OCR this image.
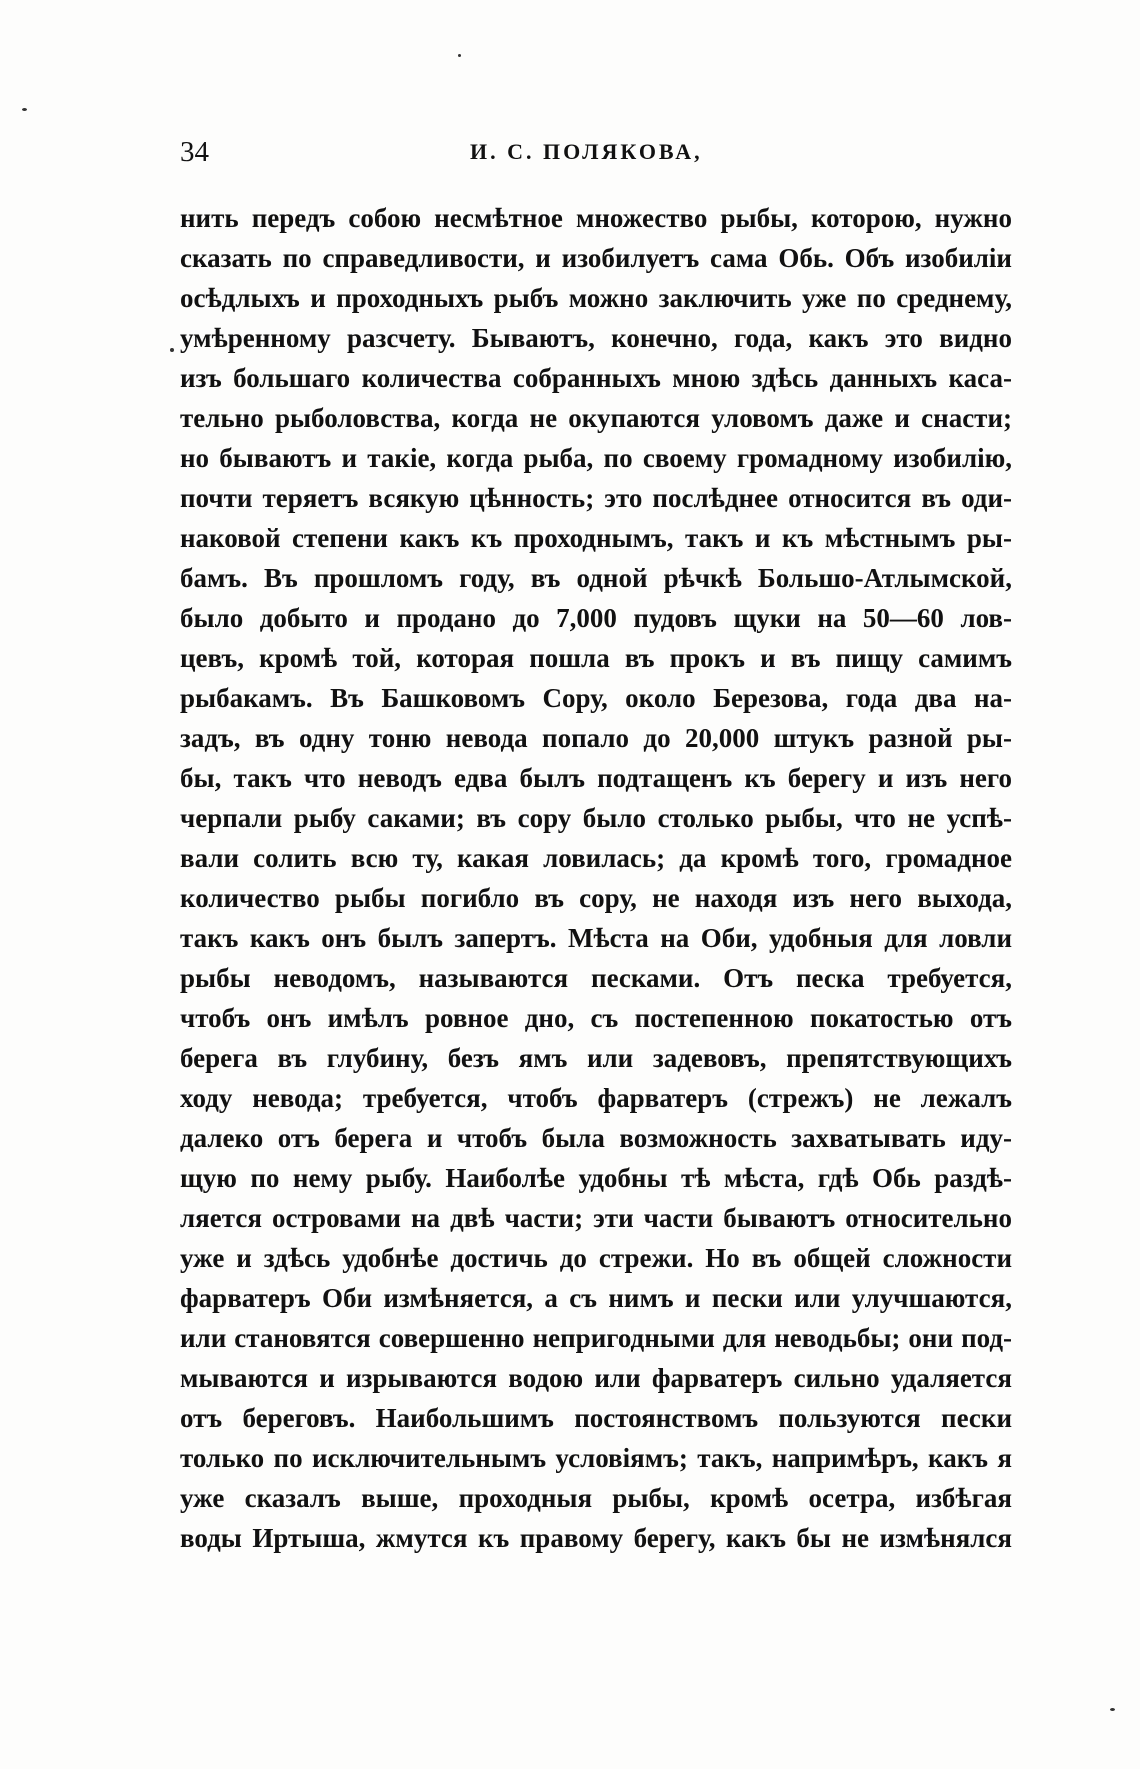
34	И. С. ПОЛЯКОВА,
нить передъ собою несмѣтное множество рыбы, которою, нужно
сказать по справедливости, и изобилуетъ сама Обь. Объ изобиліи
осѣдлыхъ и проходныхъ рыбъ можно заключить уже по среднему,
умѣренному разсчету. Бываютъ, конечно, года, какъ это видно
изъ большаго количества собранныхъ мною здѣсь данныхъ каса-
тельно рыболовства, когда не окупаются уловомъ даже и снасти;
но бываютъ и такіе, когда рыба, по своему громадному изобилію,
почти теряетъ всякую цѣнность; это послѣднее относится въ оди-
наковой степени какъ къ проходнымъ, такъ и къ мѣстнымъ ры-
бамъ. Въ прошломъ году, въ одной рѣчкѣ Большо-Атлымской,
было добыто и продано до 7,000 пудовъ щуки на 50—60 лов-
цевъ, кромѣ той, которая пошла въ прокъ и въ пищу самимъ
рыбакамъ. Въ Башковомъ Сору, около Березова, года два на-
задъ, въ одну тоню невода попало до 20,000 штукъ разной ры-
бы, такъ что неводъ едва былъ подтащенъ къ берегу и изъ него
черпали рыбу саками; въ сору было столько рыбы, что не успѣ-
вали солить всю ту, какая ловилась; да кромѣ того, громадное
количество рыбы погибло въ сору, не находя изъ него выхода,
такъ какъ онъ былъ запертъ. Мѣста на Оби, удобныя для ловли
рыбы неводомъ, называются песками. Отъ песка требуется,
чтобъ онъ имѣлъ ровное дно, съ постепенною покатостью отъ
берега въ глубину, безъ ямъ или задевовъ, препятствующихъ
ходу невода; требуется, чтобъ фарватеръ (стрежъ) не лежалъ
далеко отъ берега и чтобъ была возможность захватывать иду-
щую по нему рыбу. Наиболѣе удобны тѣ мѣста, гдѣ Обь раздѣ-
ляется островами на двѣ части; эти части бываютъ относительно
уже и здѣсь удобнѣе достичь до стрежи. Но въ общей сложности
фарватеръ Оби измѣняется, а съ нимъ и пески или улучшаются,
или становятся совершенно непригодными для неводьбы; они под-
мываются и изрываются водою или фарватеръ сильно удаляется
отъ береговъ. Наибольшимъ постоянствомъ пользуются пески
только по исключительнымъ условіямъ; такъ, напримѣръ, какъ я
уже сказалъ выше, проходныя рыбы, кромѣ осетра, избѣгая
воды Иртыша, жмутся къ правому берегу, какъ бы не измѣнялся
